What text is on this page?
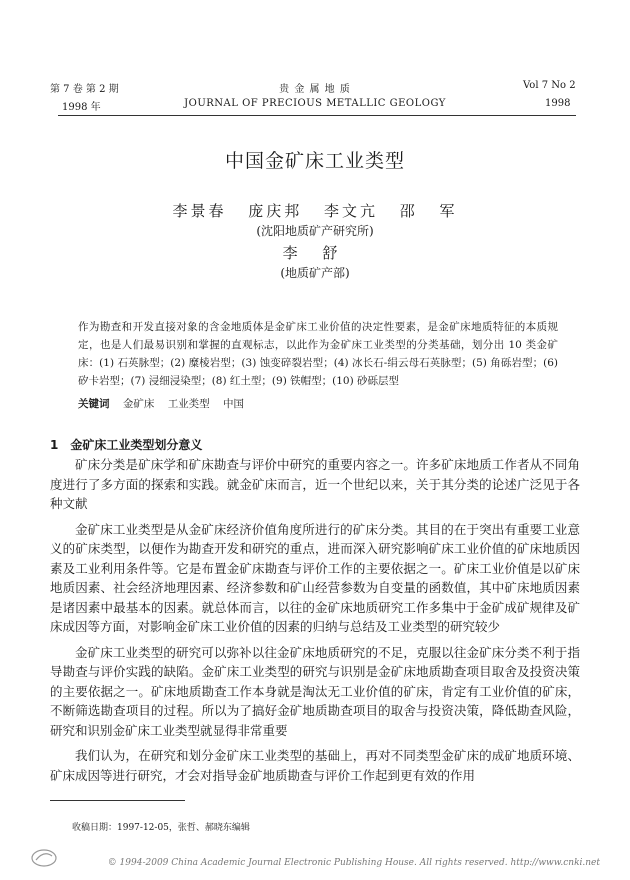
第 7 卷 第 2 期
1998 年
贵 金 属 地 质
JOURNAL OF PRECIOUS METALLIC GEOLOGY
Vol 7 No 2
1998
中国金矿床工业类型
李景春 庞庆邦 李文亢 邵 军
(沈阳地质矿产研究所)
李 舒
(地质矿产部)

作为勘查和开发直接对象的含金地质体是金矿床工业价值的决定性要素，是金矿床地质特征的本质规定，也是人们最易识别和掌握的直观标志，以此作为金矿床工业类型的分类基础，划分出 10 类金矿床：(1) 石英脉型；(2) 糜棱岩型；(3) 蚀变碎裂岩型；(4) 冰长石-绢云母石英脉型；(5) 角砾岩型；(6) 矽卡岩型；(7) 浸细浸染型；(8) 红土型；(9) 铁帽型；(10) 砂砾层型

关键词 金矿床 工业类型 中国
1 金矿床工业类型划分意义

矿床分类是矿床学和矿床勘查与评价中研究的重要内容之一。许多矿床地质工作者从不同角度进行了多方面的探索和实践。就金矿床而言，近一个世纪以来，关于其分类的论述广泛见于各种文献

金矿床工业类型是从金矿床经济价值角度所进行的矿床分类。其目的在于突出有重要工业意义的矿床类型，以便作为勘查开发和研究的重点，进而深入研究影响矿床工业价值的矿床地质因素及工业利用条件等。它是布置金矿床勘查与评价工作的主要依据之一。矿床工业价值是以矿床地质因素、社会经济地理因素、经济参数和矿山经营参数为自变量的函数值，其中矿床地质因素是诸因素中最基本的因素。就总体而言，以往的金矿床地质研究工作多集中于金矿成矿规律及矿床成因等方面，对影响金矿床工业价值的因素的归纳与总结及工业类型的研究较少

金矿床工业类型的研究可以弥补以往金矿床地质研究的不足，克服以往金矿床分类不利于指导勘查与评价实践的缺陷。金矿床工业类型的研究与识别是金矿床地质勘查项目取舍及投资决策的主要依据之一。矿床地质勘查工作本身就是淘汰无工业价值的矿床，肯定有工业价值的矿床，不断筛选勘查项目的过程。所以为了搞好金矿地质勘查项目的取舍与投资决策，降低勘查风险，研究和识别金矿床工业类型就显得非常重要

我们认为，在研究和划分金矿床工业类型的基础上，再对不同类型金矿床的成矿地质环境、矿床成因等进行研究，才会对指导金矿地质勘查与评价工作起到更有效的作用

收稿日期：1997-12-05，张哲、郝晓东编辑
© 1994-2009 China Academic Journal Electronic Publishing House. All rights reserved. http://www.cnki.net
